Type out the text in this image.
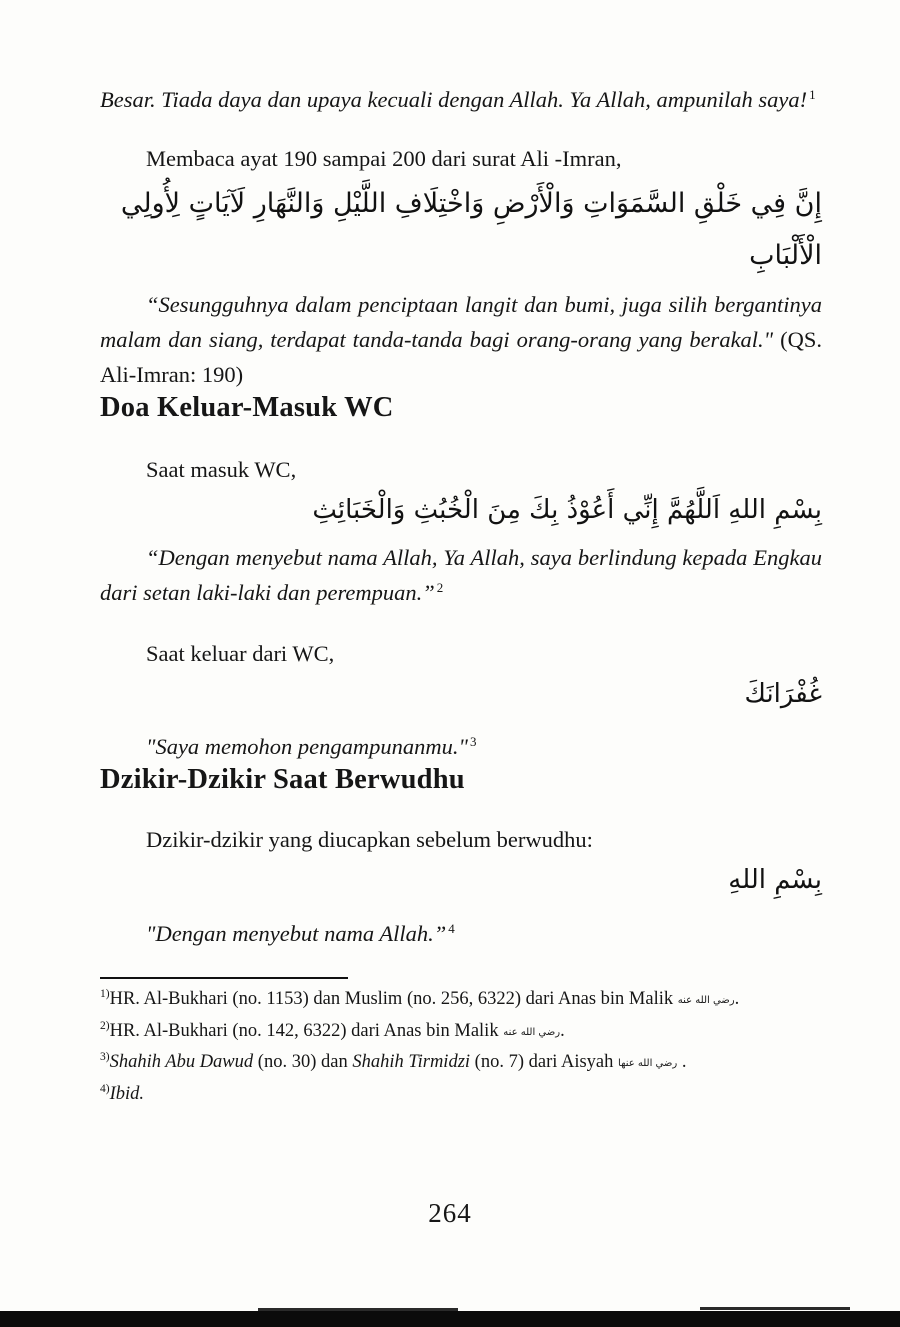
Besar. Tiada daya dan upaya kecuali dengan Allah. Ya Allah, ampunilah saya! $^1$

Membaca ayat 190 sampai 200 dari surat Ali -Imran,

إِنَّ فِي خَلْقِ السَّمَوَاتِ وَالْأَرْضِ وَاخْتِلَافِ اللَّيْلِ وَالنَّهَارِ لَآيَاتٍ لِأُولِي الْأَلْبَابِ

“Sesungguhnya dalam penciptaan langit dan bumi, juga silih bergantinya malam dan siang, terdapat tanda-tanda bagi orang-orang yang berakal." (QS. Ali-Imran: 190)

Doa Keluar-Masuk WC

Saat masuk WC,

بِسْمِ اللهِ اَللَّهُمَّ إِنِّي أَعُوْذُ بِكَ مِنَ الْخُبُثِ وَالْخَبَائِثِ

“Dengan menyebut nama Allah, Ya Allah, saya berlindung kepada Engkau dari setan laki-laki dan perempuan.” $^2$

Saat keluar dari WC,

غُفْرَانَكَ

"Saya memohon pengampunanmu." $^3$

Dzikir-Dzikir Saat Berwudhu

Dzikir-dzikir yang diucapkan sebelum berwudhu:

بِسْمِ اللهِ

"Dengan menyebut nama Allah.” $^4$

$^{1)}$HR. Al-Bukhari (no. 1153) dan Muslim (no. 256, 6322) dari Anas bin Malik رضي الله عنه.

$^{2)}$HR. Al-Bukhari (no. 142, 6322) dari Anas bin Malik رضي الله عنه.

$^{3)}$Shahih Abu Dawud (no. 30) dan Shahih Tirmidzi (no. 7) dari Aisyah رضي الله عنها .

$^{4)}$Ibid.

264
